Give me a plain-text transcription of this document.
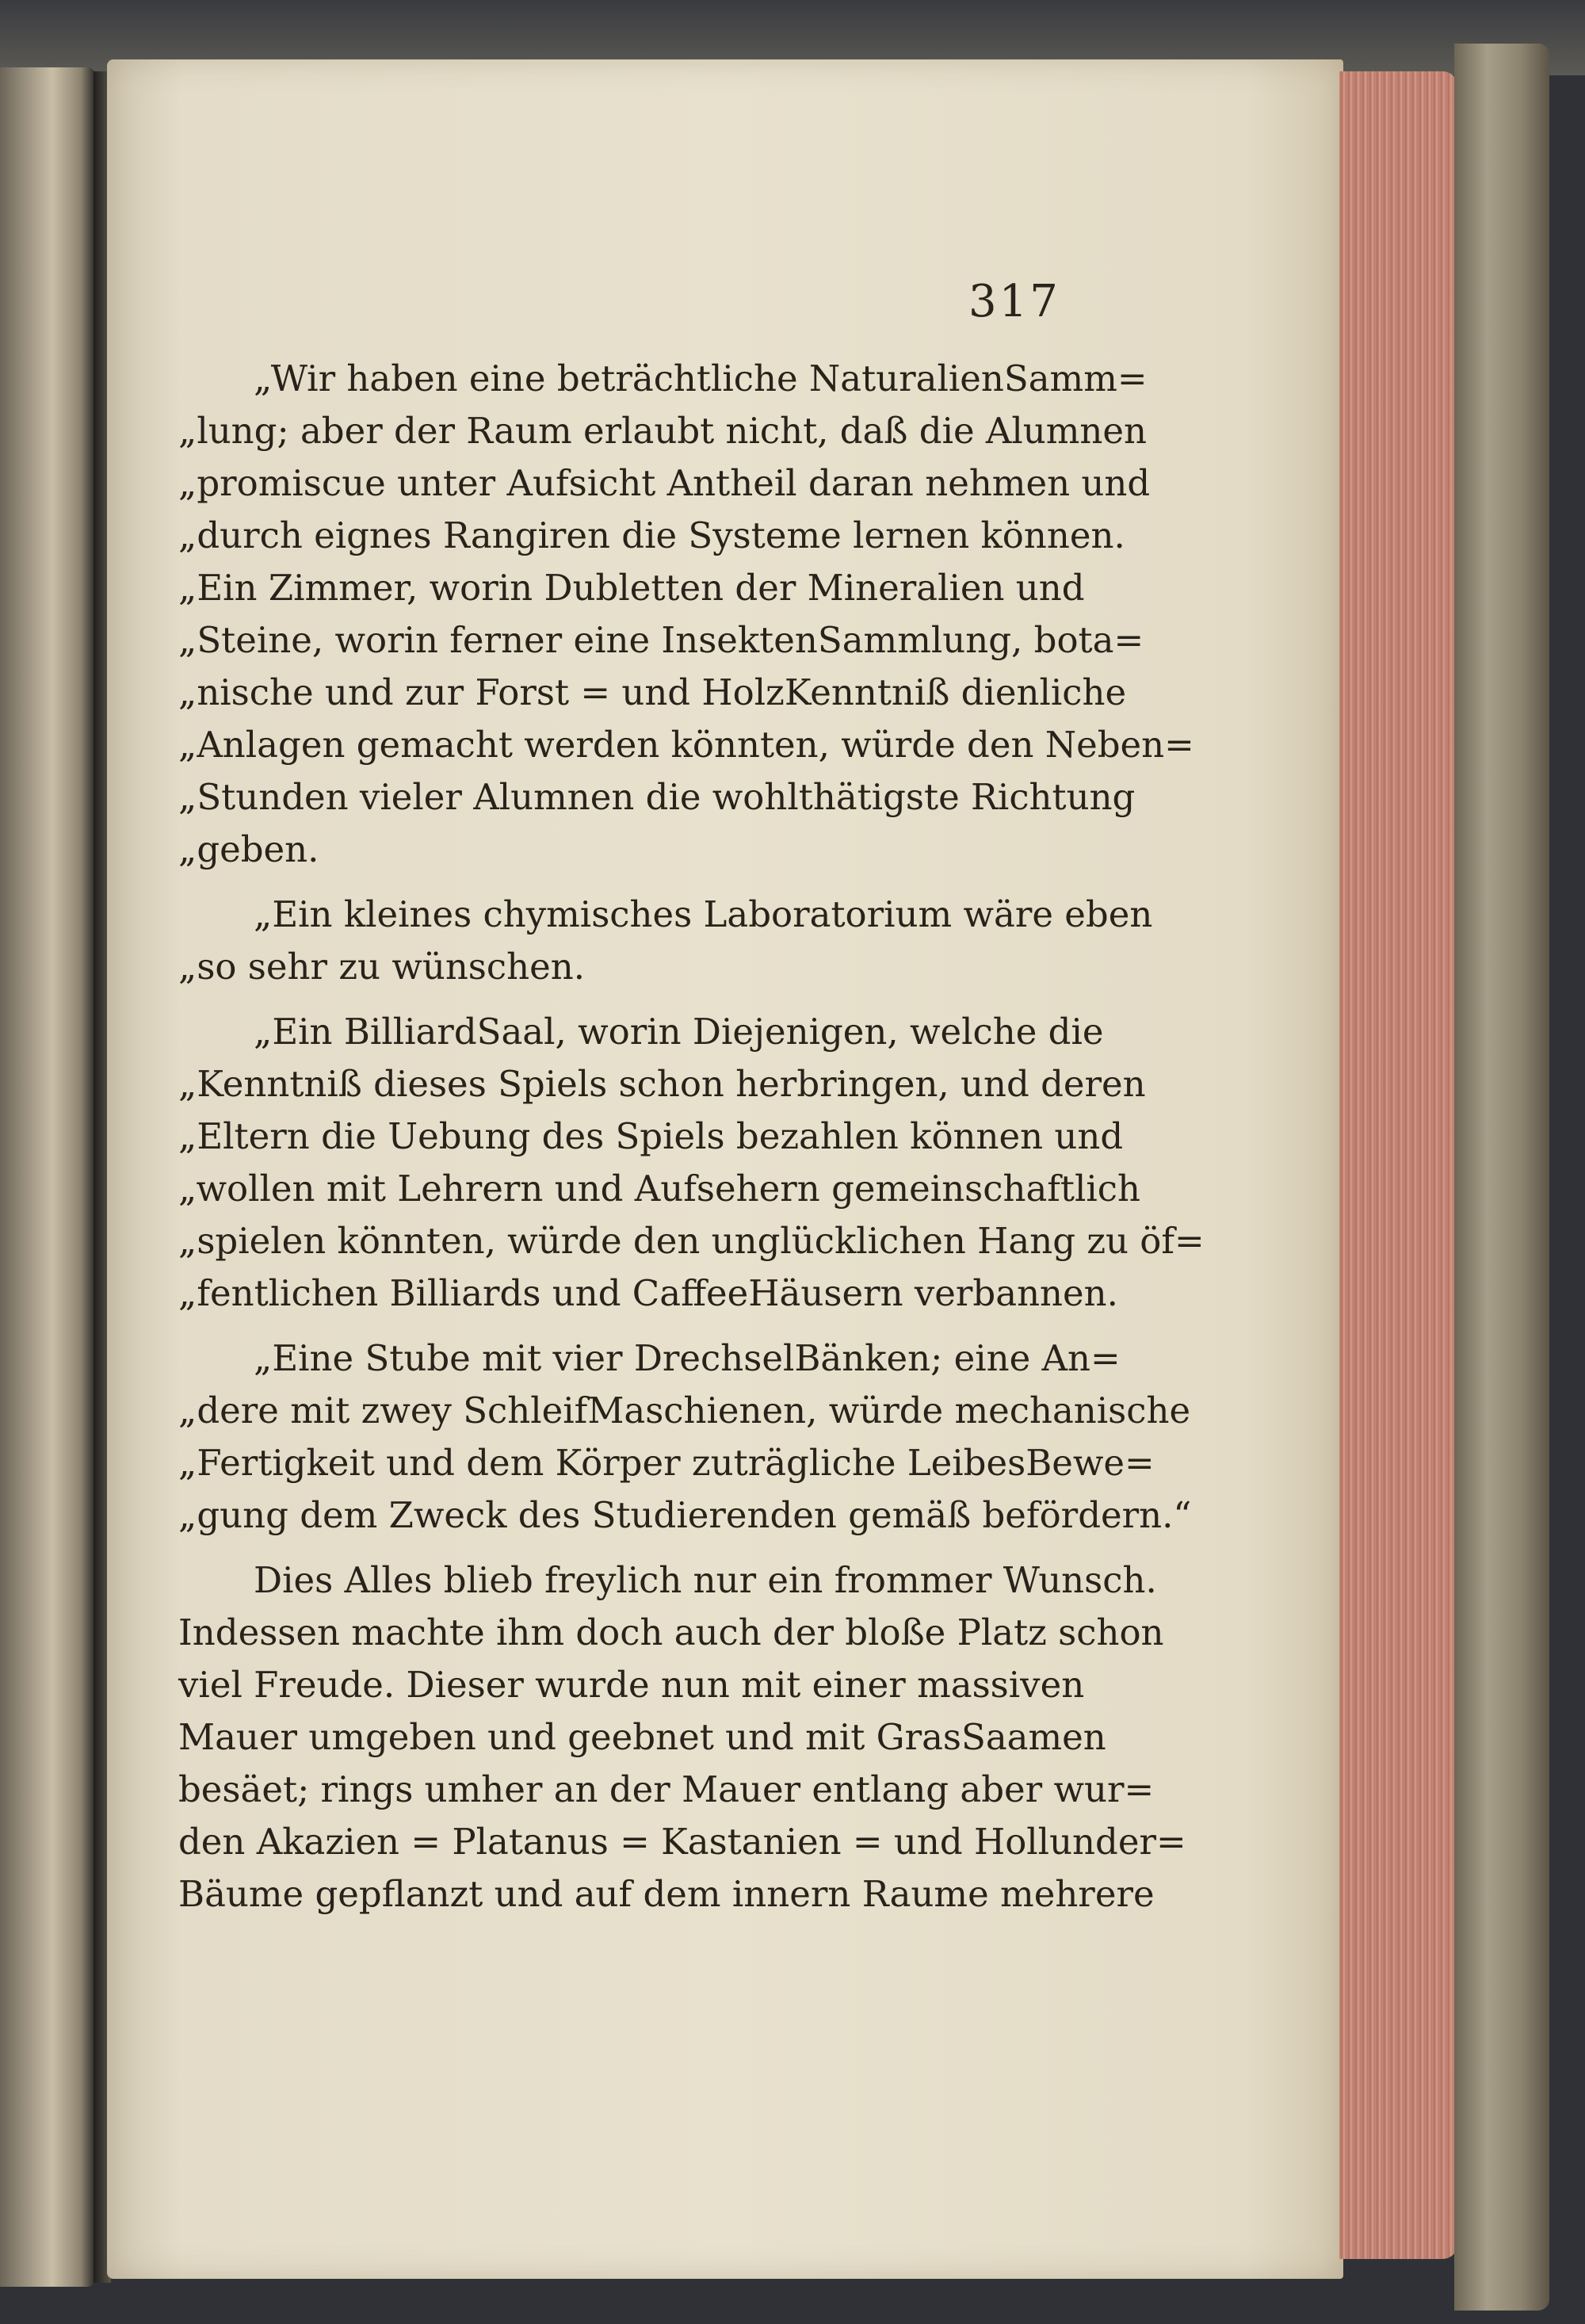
317
„Wir haben eine beträchtliche NaturalienSamm=
„lung; aber der Raum erlaubt nicht, daß die Alumnen
„promiscue unter Aufsicht Antheil daran nehmen und
„durch eignes Rangiren die Systeme lernen können.
„Ein Zimmer, worin Dubletten der Mineralien und
„Steine, worin ferner eine InsektenSammlung, bota=
„nische und zur Forst = und HolzKenntniß dienliche
„Anlagen gemacht werden könnten, würde den Neben=
„Stunden vieler Alumnen die wohlthätigste Richtung
„geben.
„Ein kleines chymisches Laboratorium wäre eben
„so sehr zu wünschen.
„Ein BilliardSaal, worin Diejenigen, welche die
„Kenntniß dieses Spiels schon herbringen, und deren
„Eltern die Uebung des Spiels bezahlen können und
„wollen mit Lehrern und Aufsehern gemeinschaftlich
„spielen könnten, würde den unglücklichen Hang zu öf=
„fentlichen Billiards und CaffeeHäusern verbannen.
„Eine Stube mit vier DrechselBänken; eine An=
„dere mit zwey SchleifMaschienen, würde mechanische
„Fertigkeit und dem Körper zuträgliche LeibesBewe=
„gung dem Zweck des Studierenden gemäß befördern.“
Dies Alles blieb freylich nur ein frommer Wunsch.
Indessen machte ihm doch auch der bloße Platz schon
viel Freude. Dieser wurde nun mit einer massiven
Mauer umgeben und geebnet und mit GrasSaamen
besäet; rings umher an der Mauer entlang aber wur=
den Akazien = Platanus = Kastanien = und Hollunder=
Bäume gepflanzt und auf dem innern Raume mehrere
